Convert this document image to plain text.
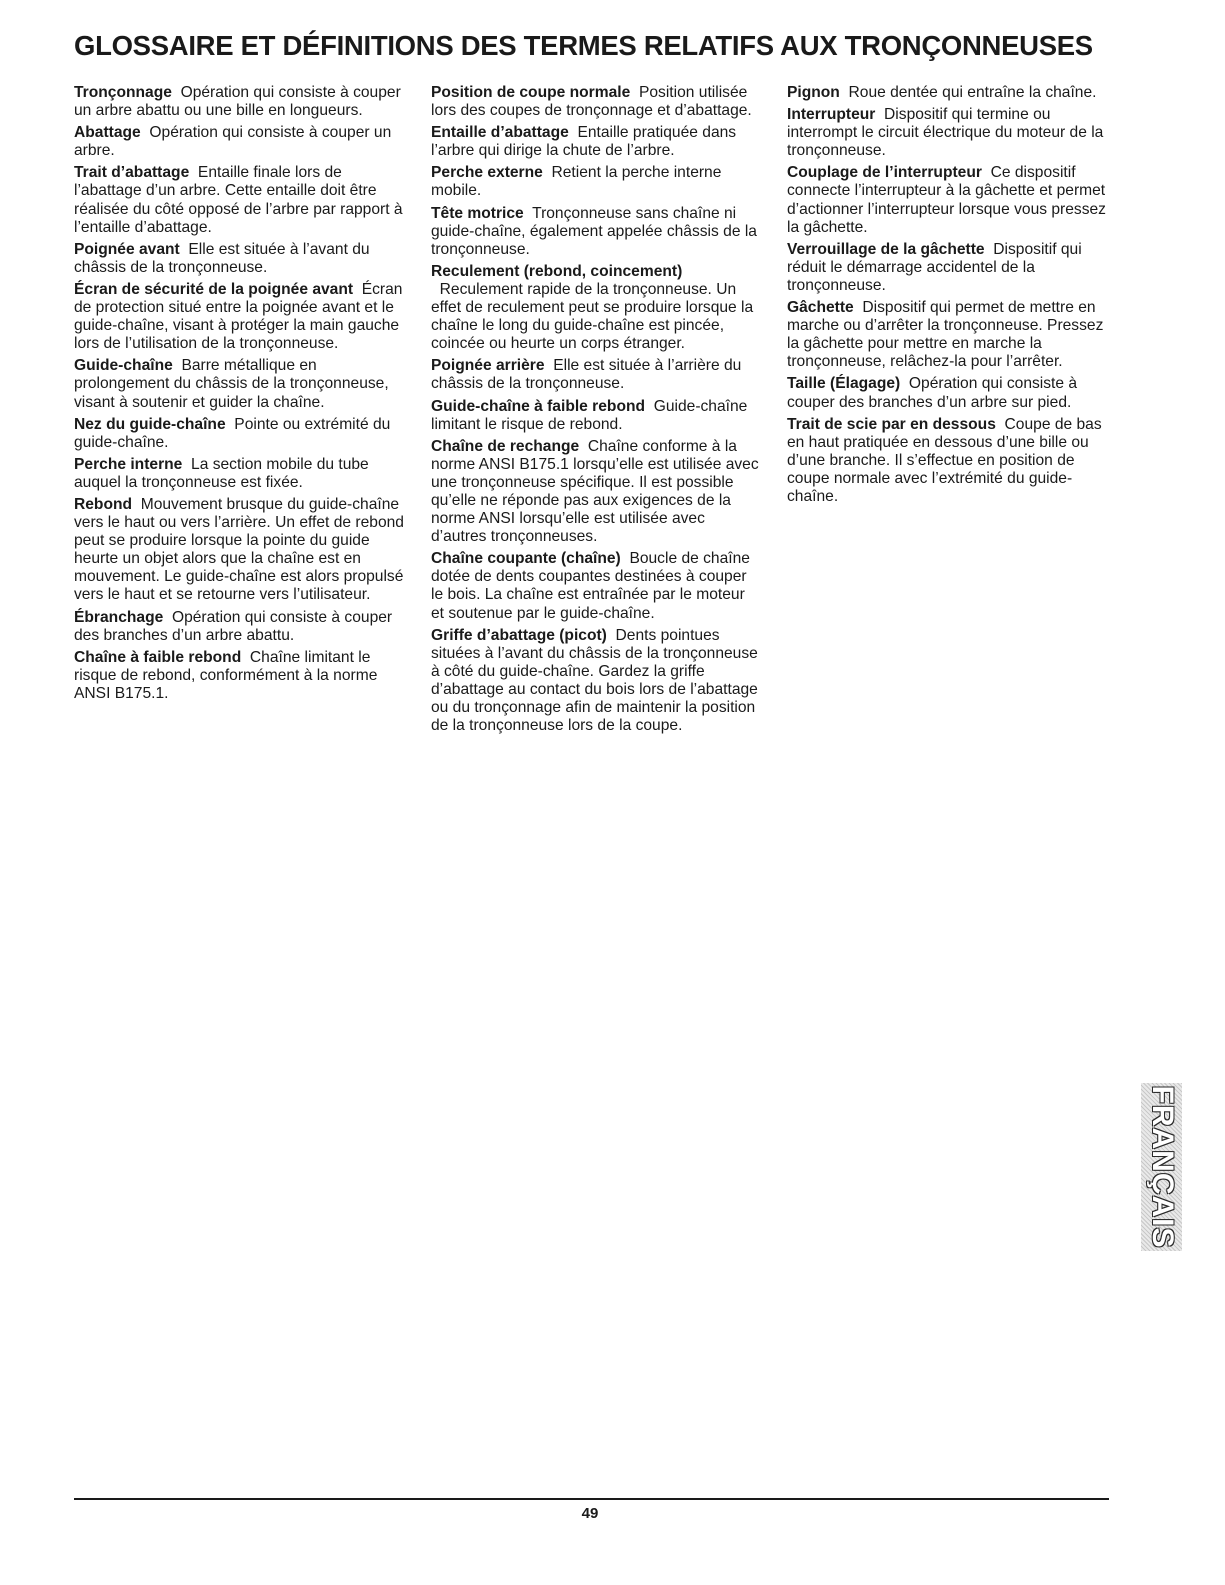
GLOSSAIRE ET DÉFINITIONS DES TERMES RELATIFS AUX TRONÇONNEUSES

Tronçonnage Opération qui consiste à couper un arbre abattu ou une bille en longueurs.

Abattage Opération qui consiste à couper un arbre.

Trait d’abattage Entaille finale lors de l’abattage d’un arbre. Cette entaille doit être réalisée du côté opposé de l’arbre par rapport à l’entaille d’abattage.

Poignée avant Elle est située à l’avant du châssis de la tronçonneuse.

Écran de sécurité de la poignée avant Écran de protection situé entre la poignée avant et le guide-chaîne, visant à protéger la main gauche lors de l’utilisation de la tronçonneuse.

Guide-chaîne Barre métallique en prolongement du châssis de la tronçonneuse, visant à soutenir et guider la chaîne.

Nez du guide-chaîne Pointe ou extrémité du guide-chaîne.

Perche interne La section mobile du tube auquel la tronçonneuse est fixée.

Rebond Mouvement brusque du guide-chaîne vers le haut ou vers l’arrière. Un effet de rebond peut se produire lorsque la pointe du guide heurte un objet alors que la chaîne est en mouvement. Le guide-chaîne est alors propulsé vers le haut et se retourne vers l’utilisateur.

Ébranchage Opération qui consiste à couper des branches d’un arbre abattu.

Chaîne à faible rebond Chaîne limitant le risque de rebond, conformément à la norme ANSI B175.1.

Position de coupe normale Position utilisée lors des coupes de tronçonnage et d’abattage.

Entaille d’abattage Entaille pratiquée dans l’arbre qui dirige la chute de l’arbre.

Perche externe Retient la perche interne mobile.

Tête motrice Tronçonneuse sans chaîne ni guide-chaîne, également appelée châssis de la tronçonneuse.

Reculement (rebond, coincement)  Reculement rapide de la tronçonneuse. Un effet de reculement peut se produire lorsque la chaîne le long du guide-chaîne est pincée, coincée ou heurte un corps étranger.

Poignée arrière Elle est située à l’arrière du châssis de la tronçonneuse.

Guide-chaîne à faible rebond Guide-chaîne limitant le risque de rebond.

Chaîne de rechange Chaîne conforme à la norme ANSI B175.1 lorsqu’elle est utilisée avec une tronçonneuse spécifique. Il est possible qu’elle ne réponde pas aux exigences de la norme ANSI lorsqu’elle est utilisée avec d’autres tronçonneuses.

Chaîne coupante (chaîne) Boucle de chaîne dotée de dents coupantes destinées à couper le bois. La chaîne est entraînée par le moteur et soutenue par le guide-chaîne.

Griffe d’abattage (picot) Dents pointues situées à l’avant du châssis de la tronçonneuse à côté du guide-chaîne. Gardez la griffe d’abattage au contact du bois lors de l’abattage ou du tronçonnage afin de maintenir la position de la tronçonneuse lors de la coupe.

Pignon Roue dentée qui entraîne la chaîne.

Interrupteur Dispositif qui termine ou interrompt le circuit électrique du moteur de la tronçonneuse.

Couplage de l’interrupteur Ce dispositif connecte l’interrupteur à la gâchette et permet d’actionner l’interrupteur lorsque vous pressez la gâchette.

Verrouillage de la gâchette Dispositif qui réduit le démarrage accidentel de la tronçonneuse.

Gâchette Dispositif qui permet de mettre en marche ou d’arrêter la tronçonneuse. Pressez la gâchette pour mettre en marche la tronçonneuse, relâchez-la pour l’arrêter.

Taille (Élagage) Opération qui consiste à couper des branches d’un arbre sur pied.

Trait de scie par en dessous Coupe de bas en haut pratiquée en dessous d’une bille ou d’une branche. Il s’effectue en position de coupe normale avec l’extrémité du guide-chaîne.

FRANÇAIS
49
